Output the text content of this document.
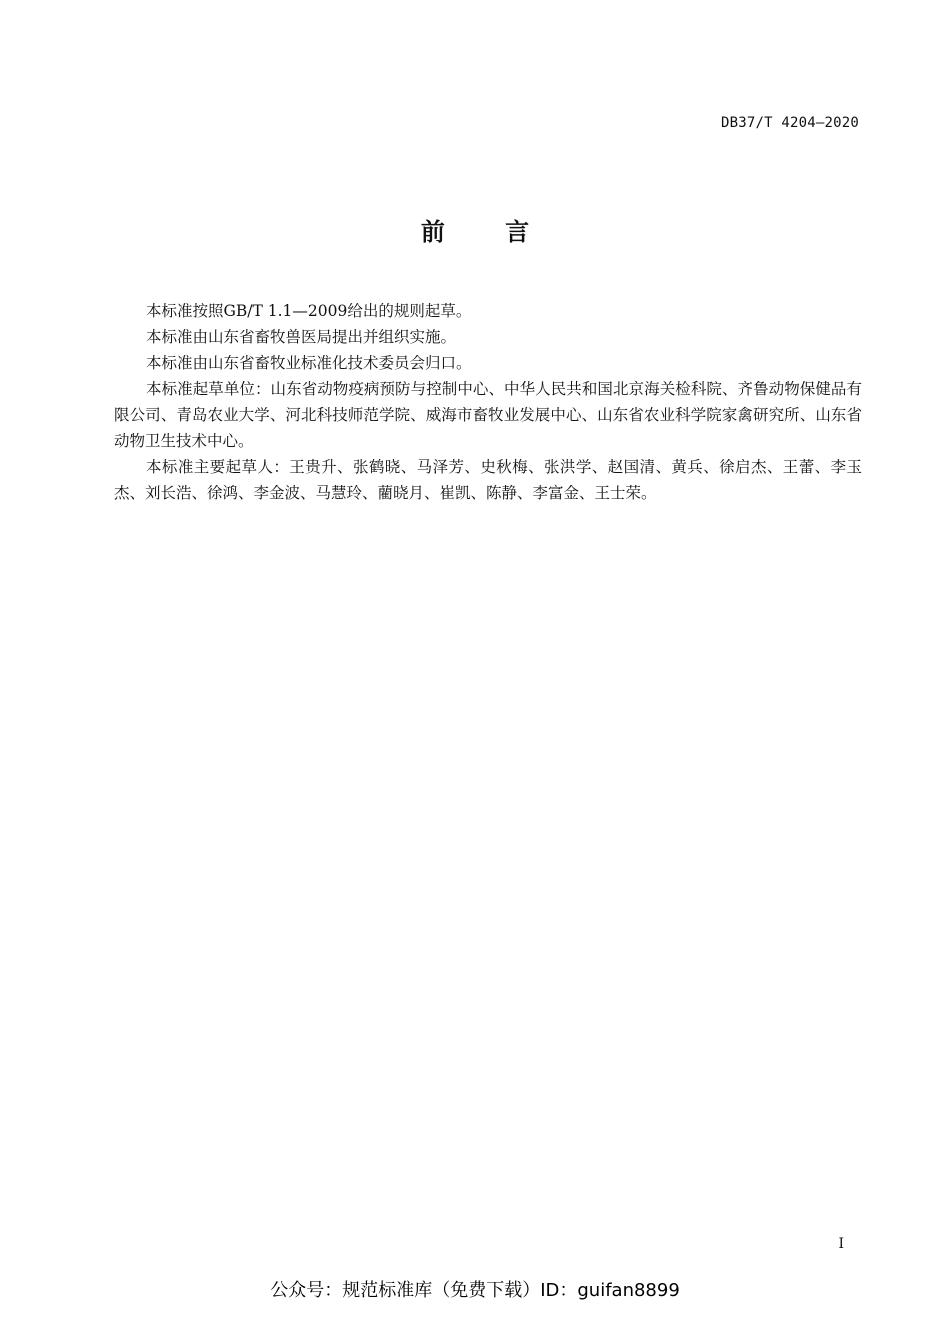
DB37/T 4204—2020
前 言

本标准按照GB/T 1.1—2009给出的规则起草。

本标准由山东省畜牧兽医局提出并组织实施。

本标准由山东省畜牧业标准化技术委员会归口。

本标准起草单位：山东省动物疫病预防与控制中心、中华人民共和国北京海关检科院、齐鲁动物保健品有限公司、青岛农业大学、河北科技师范学院、威海市畜牧业发展中心、山东省农业科学院家禽研究所、山东省动物卫生技术中心。

本标准主要起草人：王贵升、张鹤晓、马泽芳、史秋梅、张洪学、赵国清、黄兵、徐启杰、王蕾、李玉杰、刘长浩、徐鸿、李金波、马慧玲、藺晓月、崔凯、陈静、李富金、王士荣。

I
公众号：规范标准库（免费下载）ID：guifan8899
